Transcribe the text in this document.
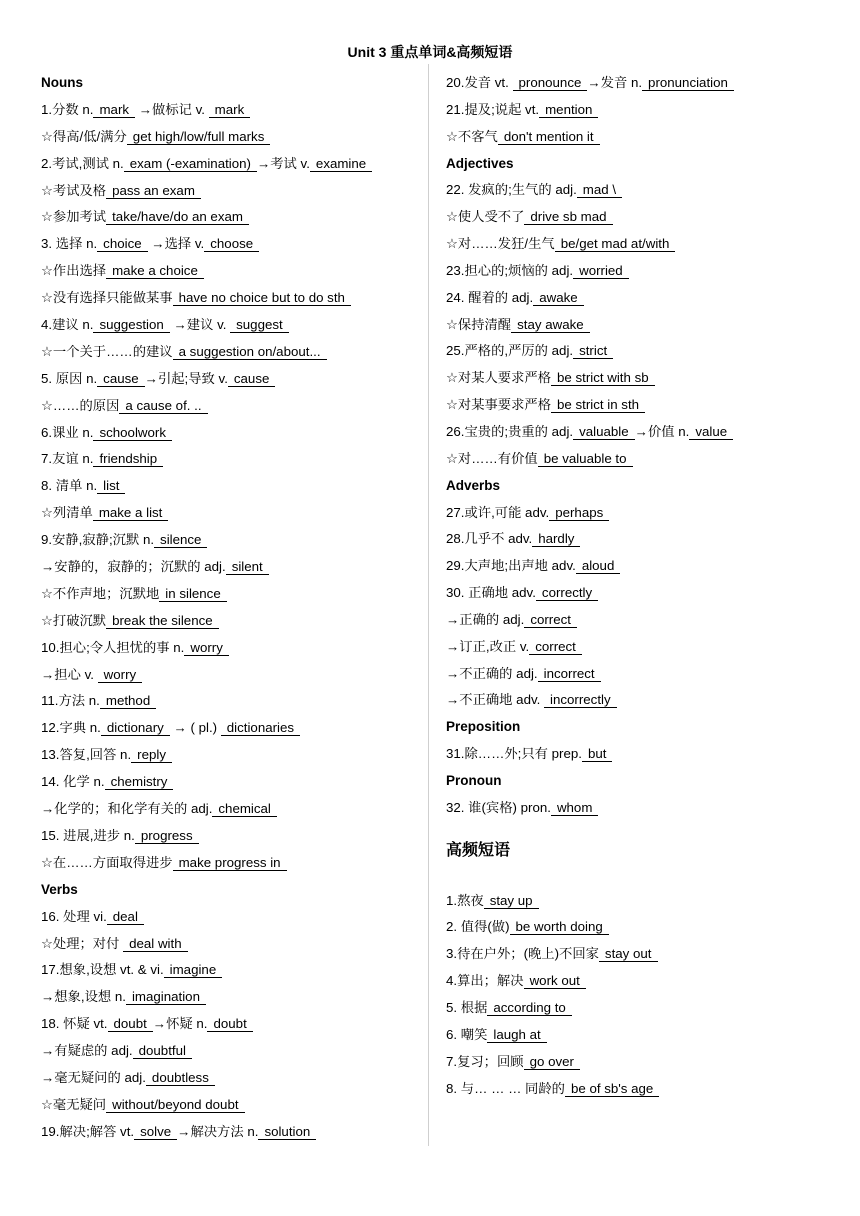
Unit 3 重点单词&高频短语
Nouns
1.分数 n. mark →做标记 v. mark
☆得高/低/满分 get high/low/full marks
2.考试,测试 n. exam (-examination) →考试 v. examine
☆考试及格 pass an exam
☆参加考试 take/have/do an exam
3. 选择 n. choice →选择 v. choose
☆作出选择 make a choice
☆没有选择只能做某事 have no choice but to do sth
4.建议 n. suggestion →建议 v. suggest
☆一个关于……的建议 a suggestion on/about...
5. 原因 n. cause →引起;导致 v. cause
☆……的原因 a cause of. ..
6.课业 n. schoolwork
7.友谊 n. friendship
8. 清单 n. list
☆列清单 make a list
9.安静,寂静;沉默 n. silence
→安静的，寂静的；沉默的 adj. silent
☆不作声地；沉默地 in silence
☆打破沉默 break the silence
10.担心;令人担忧的事 n. worry
→担心 v. worry
11.方法 n. method
12.字典 n. dictionary → ( pl.) dictionaries
13.答复,回答 n. reply
14. 化学 n. chemistry
→化学的；和化学有关的 adj. chemical
15. 进展,进步 n. progress
☆在……方面取得进步 make progress in
Verbs
16. 处理 vi. deal
☆处理；对付 deal with
17.想象,设想 vt. & vi. imagine
→想象,设想 n. imagination
18. 怀疑 vt. doubt →怀疑 n. doubt
→有疑虑的 adj. doubtful
→毫无疑问的 adj. doubtless
☆毫无疑问 without/beyond doubt
19.解决;解答 vt. solve →解决方法 n. solution
20.发音 vt. pronounce →发音 n. pronunciation
21.提及;说起 vt. mention
☆不客气 don't mention it
Adjectives
22. 发疯的;生气的 adj. mad \
☆使人受不了 drive sb mad
☆对……发狂/生气 be/get mad at/with
23.担心的;烦恼的 adj. worried
24. 醒着的 adj. awake
☆保持清醒 stay awake
25.严格的,严厉的 adj. strict
☆对某人要求严格 be strict with sb
☆对某事要求严格 be strict in sth
26.宝贵的;贵重的 adj. valuable →价值 n. value
☆对……有价值 be valuable to
Adverbs
27.或许,可能 adv. perhaps
28.几乎不 adv. hardly
29.大声地;出声地 adv. aloud
30. 正确地 adv. correctly
→正确的 adj. correct
→订正,改正 v. correct
→不正确的 adj. incorrect
→不正确地 adv. incorrectly
Preposition
31.除……外;只有 prep. but
Pronoun
32. 谁(宾格) pron. whom
高频短语
1.熬夜 stay up
2. 值得(做) be worth doing
3.待在户外；(晚上)不回家 stay out
4.算出；解决 work out
5. 根据 according to
6. 嘲笑 laugh at
7.复习；回顾 go over
8. 与… … … 同龄的 be of sb's age
